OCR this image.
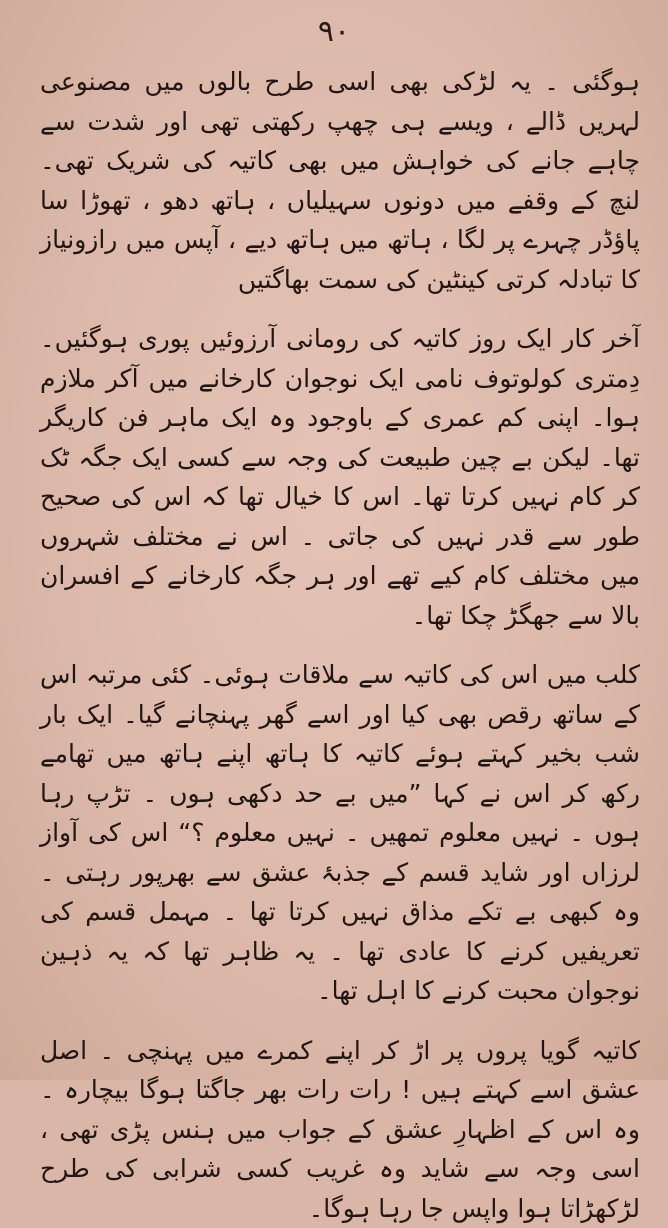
۹۰

ہوگئی ۔ یہ لڑکی بھی اسی طرح بالوں میں مصنوعی لہریں ڈالے ، ویسے ہی چھپ رکھتی تھی اور شدت سے چاہے جانے کی خواہش میں بھی کاتیہ کی شریک تھی۔ لنچ کے وقفے میں دونوں سہیلیاں ، ہاتھ دھو ، تھوڑا سا پاؤڈر چہرے پر لگا ، ہاتھ میں ہاتھ دیے ، آپس میں رازونیاز کا تبادلہ کرتی کینٹین کی سمت بھاگتیں

آخر کار ایک روز کاتیہ کی رومانی آرزوئیں پوری ہوگئیں۔ دِمتری کولوتوف نامی ایک نوجوان کارخانے میں آکر ملازم ہوا۔ اپنی کم عمری کے باوجود وہ ایک ماہر فن کاریگر تھا۔ لیکن بے چین طبیعت کی وجہ سے کسی ایک جگہ ٹک کر کام نہیں کرتا تھا۔ اس کا خیال تھا کہ اس کی صحیح طور سے قدر نہیں کی جاتی ۔ اس نے مختلف شہروں میں مختلف کام کیے تھے اور ہر جگہ کارخانے کے افسران بالا سے جھگڑ چکا تھا۔

کلب میں اس کی کاتیہ سے ملاقات ہوئی۔ کئی مرتبہ اس کے ساتھ رقص بھی کیا اور اسے گھر پہنچانے گیا۔ ایک بار شب بخیر کہتے ہوئے کاتیہ کا ہاتھ اپنے ہاتھ میں تھامے رکھ کر اس نے کہا ”میں بے حد دکھی ہوں ۔ تڑپ رہا ہوں ۔ نہیں معلوم تمھیں ۔ نہیں معلوم ؟“ اس کی آواز لرزاں اور شاید قسم کے جذبۂ عشق سے بھرپور رہتی ۔ وہ کبھی بے تکے مذاق نہیں کرتا تھا ۔ مہمل قسم کی تعریفیں کرنے کا عادی تھا ۔ یہ ظاہر تھا کہ یہ ذہین نوجوان محبت کرنے کا اہل تھا۔

کاتیہ گویا پروں پر اڑ کر اپنے کمرے میں پہنچی ۔ اصل عشق اسے کہتے ہیں ! رات رات بھر جاگتا ہوگا بیچارہ ۔ وہ اس کے اظہارِ عشق کے جواب میں ہنس پڑی تھی ، اسی وجہ سے شاید وہ غریب کسی شرابی کی طرح لڑکھڑاتا ہوا واپس جا رہا ہوگا۔
